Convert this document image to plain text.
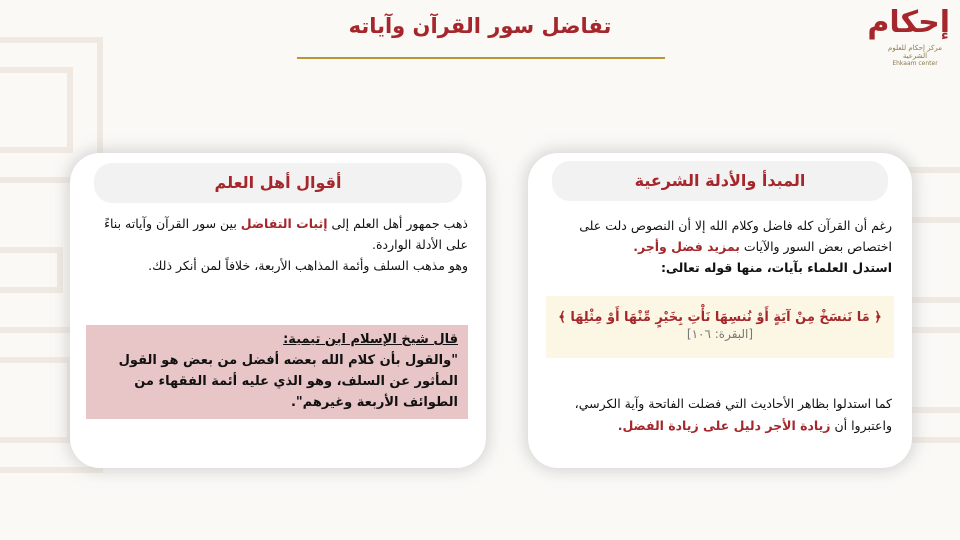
تفاضل سور القرآن وآياته	إحكام
مركز إحكام للعلوم الشرعية
Ehkaam center
المبدأ والأدلة الشرعية
رغم أن القرآن كله فاضل وكلام الله إلا أن النصوص دلت على اختصاص بعض السور والآيات بمزيد فضل وأجر.
استدل العلماء بآيات، منها قوله تعالى:
﴿ مَا نَنسَخْ مِنْ آيَةٍ أَوْ نُنسِهَا نَأْتِ بِخَيْرٍ مِّنْهَا أَوْ مِثْلِهَا ﴾
[البقرة: ١٠٦]
كما استدلوا بظاهر الأحاديث التي فضلت الفاتحة وآية الكرسي، واعتبروا أن زيادة الأجر دليل على زيادة الفضل.
أقوال أهل العلم
ذهب جمهور أهل العلم إلى إثبات التفاضل بين سور القرآن وآياته بناءً على الأدلة الواردة.
وهو مذهب السلف وأئمة المذاهب الأربعة، خلافاً لمن أنكر ذلك.
قال شيخ الإسلام ابن تيمية:
"والقول بأن كلام الله بعضه أفضل من بعض هو القول المأثور عن السلف، وهو الذي عليه أئمة الفقهاء من الطوائف الأربعة وغيرهم".
